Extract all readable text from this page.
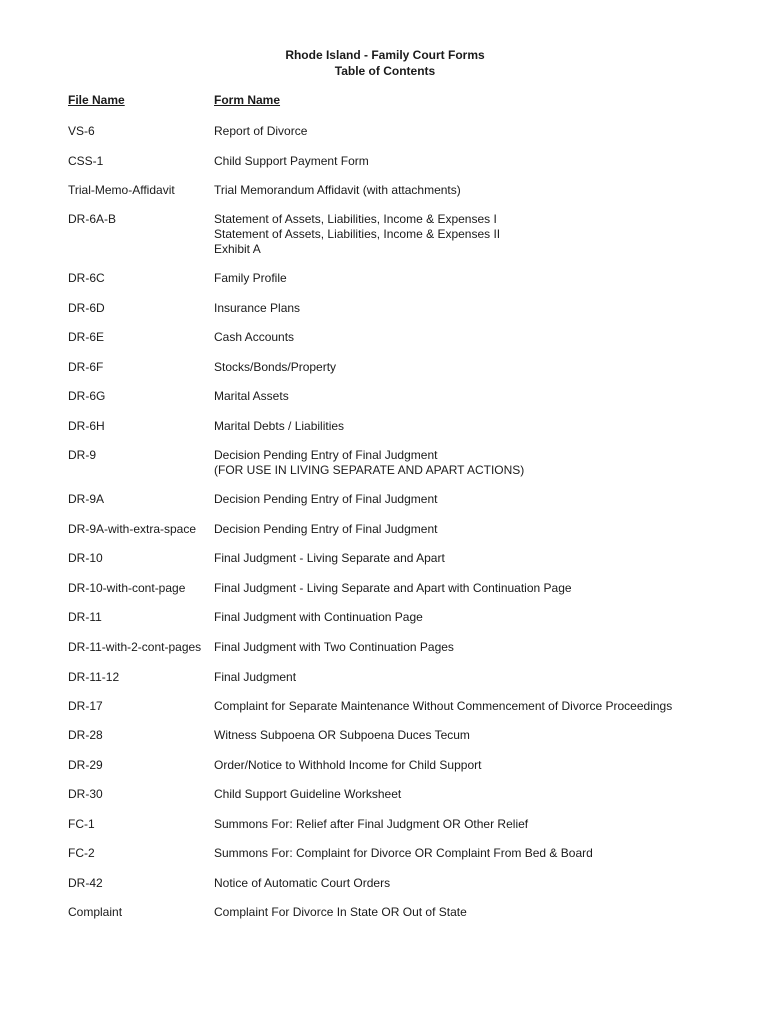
Rhode Island - Family Court Forms
Table of Contents
File Name	Form Name
VS-6	Report of Divorce
CSS-1	Child Support Payment Form
Trial-Memo-Affidavit	Trial Memorandum Affidavit (with attachments)
DR-6A-B	Statement of Assets, Liabilities, Income & Expenses I
Statement of Assets, Liabilities, Income & Expenses II
Exhibit A
DR-6C	Family Profile
DR-6D	Insurance Plans
DR-6E	Cash Accounts
DR-6F	Stocks/Bonds/Property
DR-6G	Marital Assets
DR-6H	Marital Debts / Liabilities
DR-9	Decision Pending Entry of Final Judgment
(FOR USE IN LIVING SEPARATE AND APART ACTIONS)
DR-9A	Decision Pending Entry of Final Judgment
DR-9A-with-extra-space Decision Pending Entry of Final Judgment
DR-10	Final Judgment - Living Separate and Apart
DR-10-with-cont-page Final Judgment - Living Separate and Apart with Continuation Page
DR-11	Final Judgment with Continuation Page
DR-11-with-2-cont-pages Final Judgment with Two Continuation Pages
DR-11-12	Final Judgment
DR-17	Complaint for Separate Maintenance Without Commencement of Divorce Proceedings
DR-28	Witness Subpoena OR Subpoena Duces Tecum
DR-29	Order/Notice to Withhold Income for Child Support
DR-30	Child Support Guideline Worksheet
FC-1	Summons For: Relief after Final Judgment OR Other Relief
FC-2	Summons For: Complaint for Divorce OR Complaint From Bed & Board
DR-42	Notice of Automatic Court Orders
Complaint	Complaint For Divorce In State OR Out of State
